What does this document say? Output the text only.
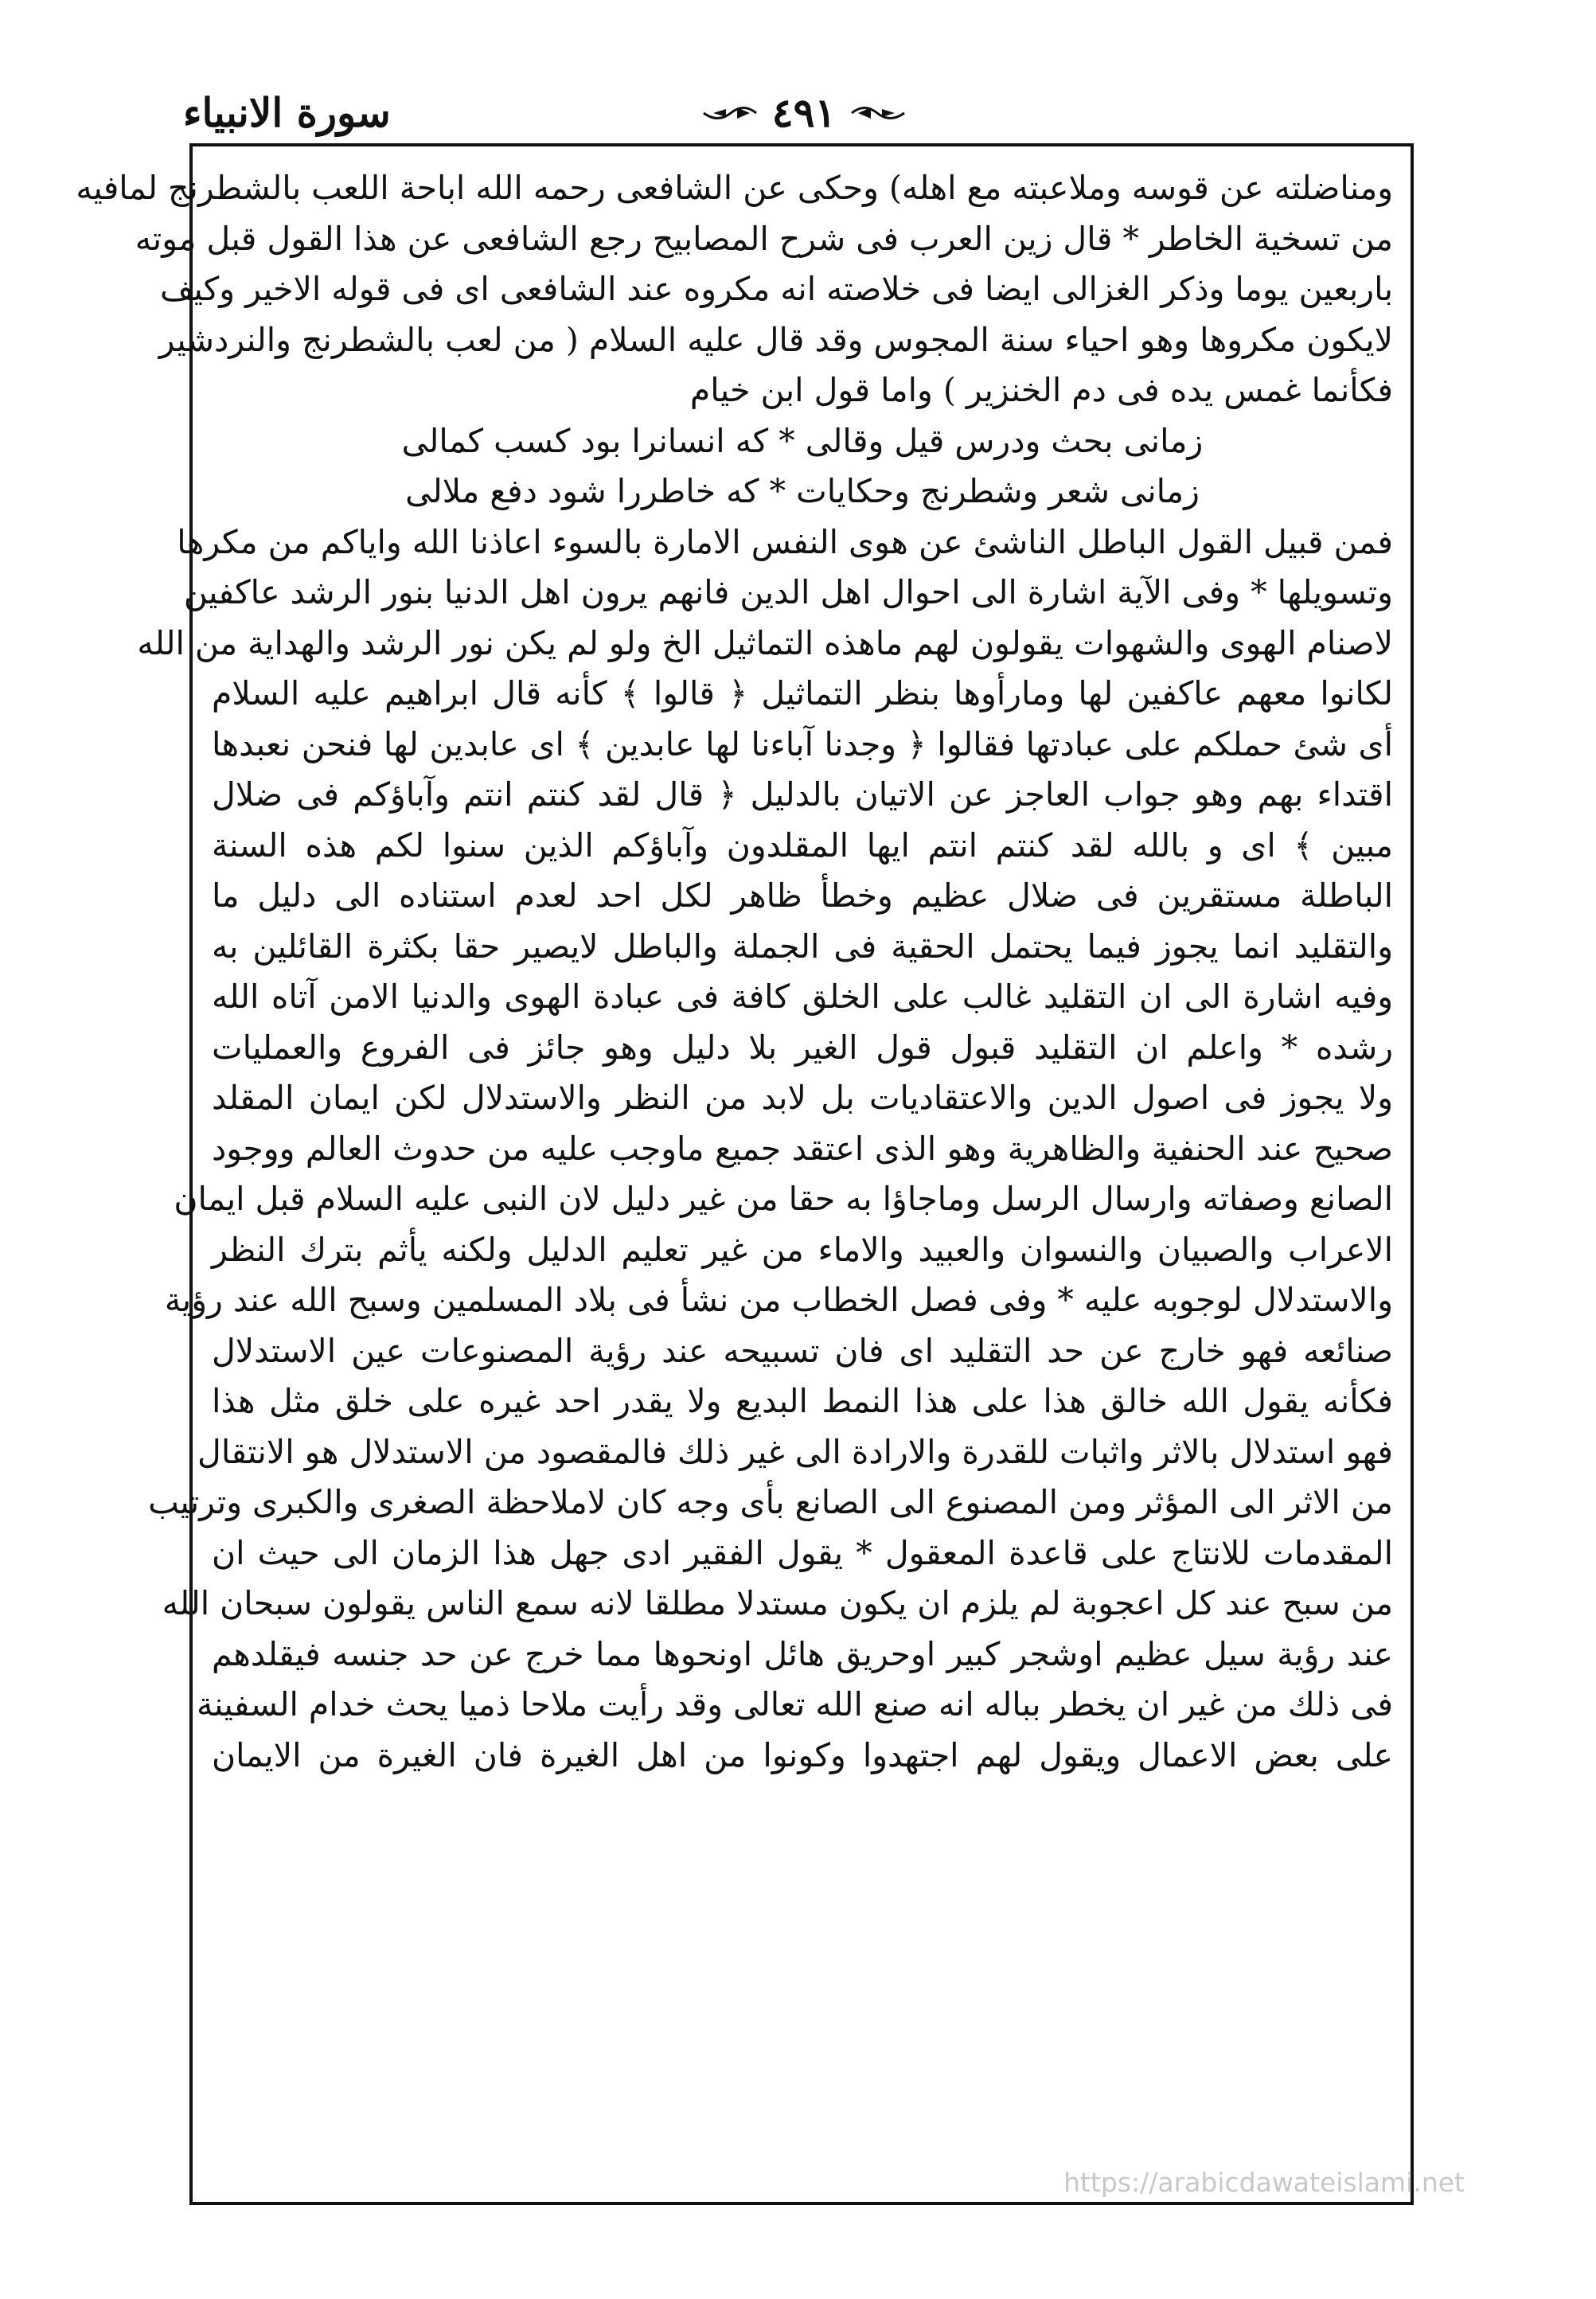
سورة الانبياء	٤٩١
ومناضلته عن قوسه وملاعبته مع اهله) وحكى عن الشافعى رحمه الله اباحة اللعب بالشطرنج لمافيه
من تسخية الخاطر * قال زين العرب فى شرح المصابيح رجع الشافعى عن هذا القول قبل موته
باربعين يوما وذكر الغزالى ايضا فى خلاصته انه مكروه عند الشافعى اى فى قوله الاخير وكيف
لايكون مكروها وهو احياء سنة المجوس وقد قال عليه السلام ( من لعب بالشطرنج والنردشير
فكأنما غمس يده فى دم الخنزير ) واما قول ابن خيام
زمانى بحث ودرس قيل وقالى * كه انسانرا بود كسب كمالى
زمانى شعر وشطرنج وحكايات * كه خاطررا شود دفع ملالى
فمن قبيل القول الباطل الناشئ عن هوى النفس الامارة بالسوء اعاذنا الله واياكم من مكرها
وتسويلها * وفى الآية اشارة الى احوال اهل الدين فانهم يرون اهل الدنيا بنور الرشد عاكفين
لاصنام الهوى والشهوات يقولون لهم ماهذه التماثيل الخ ولو لم يكن نور الرشد والهداية من الله
لكانوا معهم عاكفين لها ومارأوها بنظر التماثيل ﴿ قالوا ﴾ كأنه قال ابراهيم عليه السلام
أى شئ حملكم على عبادتها فقالوا ﴿ وجدنا آباءنا لها عابدين ﴾ اى عابدين لها فنحن نعبدها
اقتداء بهم وهو جواب العاجز عن الاتيان بالدليل ﴿ قال لقد كنتم انتم وآباؤكم فى ضلال
مبين ﴾ اى و بالله لقد كنتم انتم ايها المقلدون وآباؤكم الذين سنوا لكم هذه السنة
الباطلة مستقرين فى ضلال عظيم وخطأ ظاهر لكل احد لعدم استناده الى دليل ما
والتقليد انما يجوز فيما يحتمل الحقية فى الجملة والباطل لايصير حقا بكثرة القائلين به
وفيه اشارة الى ان التقليد غالب على الخلق كافة فى عبادة الهوى والدنيا الامن آتاه الله
رشده * واعلم ان التقليد قبول قول الغير بلا دليل وهو جائز فى الفروع والعمليات
ولا يجوز فى اصول الدين والاعتقاديات بل لابد من النظر والاستدلال لكن ايمان المقلد
صحيح عند الحنفية والظاهرية وهو الذى اعتقد جميع ماوجب عليه من حدوث العالم ووجود
الصانع وصفاته وارسال الرسل وماجاؤا به حقا من غير دليل لان النبى عليه السلام قبل ايمان
الاعراب والصبيان والنسوان والعبيد والاماء من غير تعليم الدليل ولكنه يأثم بترك النظر
والاستدلال لوجوبه عليه * وفى فصل الخطاب من نشأ فى بلاد المسلمين وسبح الله عند رؤية
صنائعه فهو خارج عن حد التقليد اى فان تسبيحه عند رؤية المصنوعات عين الاستدلال
فكأنه يقول الله خالق هذا على هذا النمط البديع ولا يقدر احد غيره على خلق مثل هذا
فهو استدلال بالاثر واثبات للقدرة والارادة الى غير ذلك فالمقصود من الاستدلال هو الانتقال
من الاثر الى المؤثر ومن المصنوع الى الصانع بأى وجه كان لاملاحظة الصغرى والكبرى وترتيب
المقدمات للانتاج على قاعدة المعقول * يقول الفقير ادى جهل هذا الزمان الى حيث ان
من سبح عند كل اعجوبة لم يلزم ان يكون مستدلا مطلقا لانه سمع الناس يقولون سبحان الله
عند رؤية سيل عظيم اوشجر كبير اوحريق هائل اونحوها مما خرج عن حد جنسه فيقلدهم
فى ذلك من غير ان يخطر بباله انه صنع الله تعالى وقد رأيت ملاحا ذميا يحث خدام السفينة
على بعض الاعمال ويقول لهم اجتهدوا وكونوا من اهل الغيرة فان الغيرة من الايمان
https://arabicdawateislami.net
